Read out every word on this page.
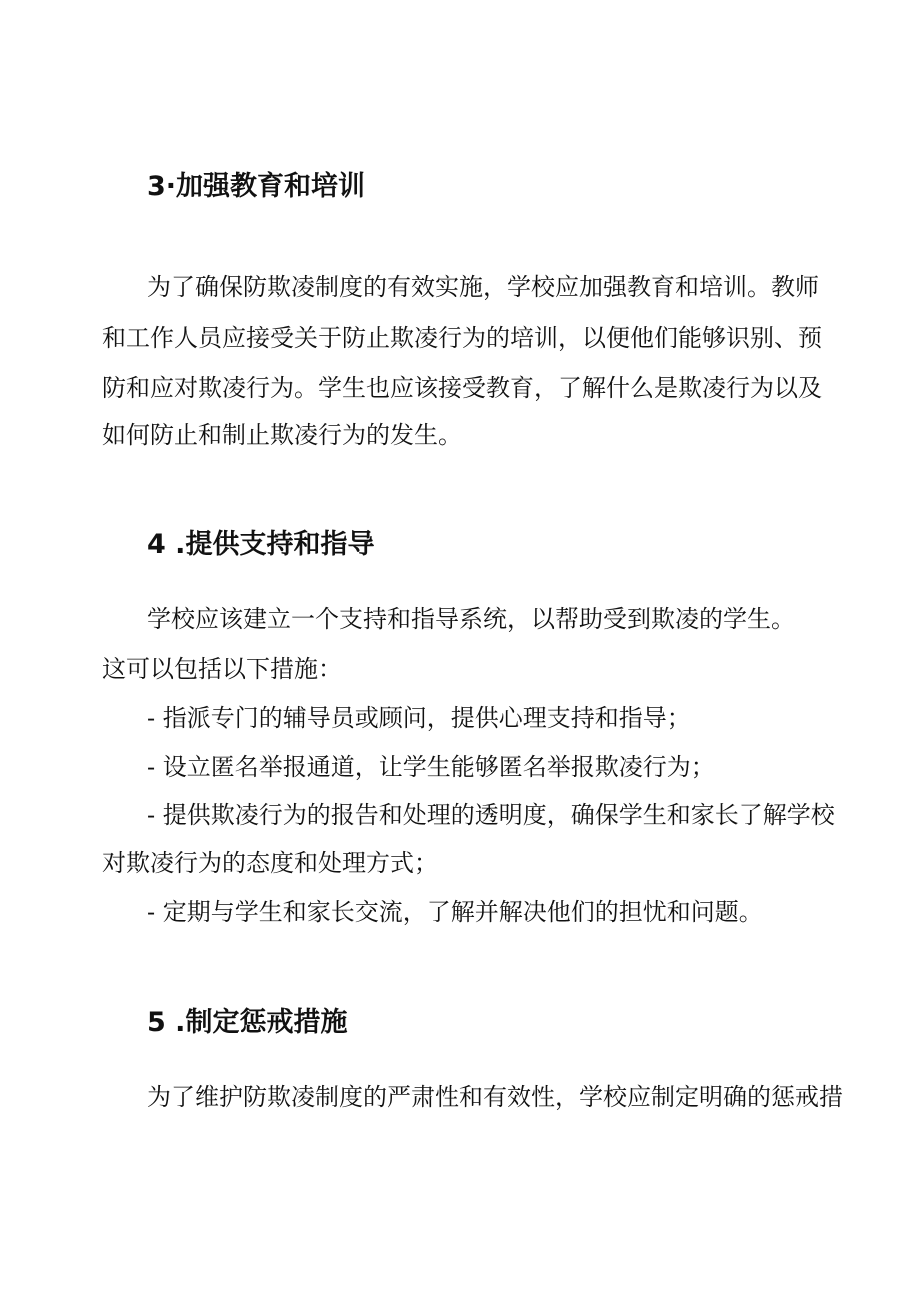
3·加强教育和培训
为了确保防欺凌制度的有效实施，学校应加强教育和培训。教师
和工作人员应接受关于防止欺凌行为的培训，以便他们能够识别、预
防和应对欺凌行为。学生也应该接受教育，了解什么是欺凌行为以及
如何防止和制止欺凌行为的发生。
4 .提供支持和指导
学校应该建立一个支持和指导系统，以帮助受到欺凌的学生。
这可以包括以下措施：
- 指派专门的辅导员或顾问，提供心理支持和指导；
- 设立匿名举报通道，让学生能够匿名举报欺凌行为；
- 提供欺凌行为的报告和处理的透明度，确保学生和家长了解学校
对欺凌行为的态度和处理方式；
- 定期与学生和家长交流，了解并解决他们的担忧和问题。
5 .制定惩戒措施
为了维护防欺凌制度的严肃性和有效性，学校应制定明确的惩戒措
